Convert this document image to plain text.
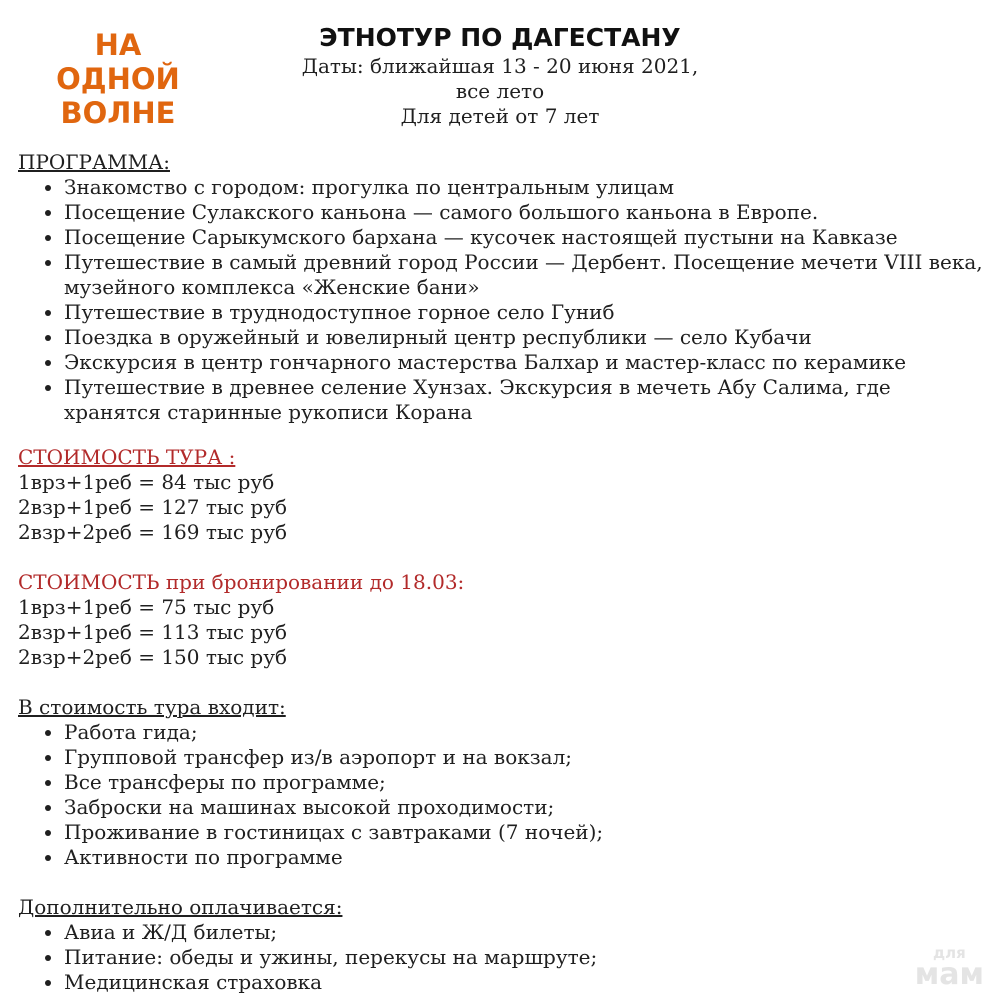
НА ОДНОЙ
ВОЛНЕ
ЭТНОТУР ПО ДАГЕСТАНУ
Даты: ближайшая 13 - 20 июня 2021,
все лето
Для детей от 7 лет
ПРОГРАММА:
• Знакомство с городом: прогулка по центральным улицам
• Посещение Сулакского каньона — самого большого каньона в Европе.
• Посещение Сарыкумского бархана — кусочек настоящей пустыни на Кавказе
• Путешествие в самый древний город России — Дербент. Посещение мечети VIII века, музейного комплекса «Женские бани»
• Путешествие в труднодоступное горное село Гуниб
• Поездка в оружейный и ювелирный центр республики — село Кубачи
• Экскурсия в центр гончарного мастерства Балхар и мастер-класс по керамике
• Путешествие в древнее селение Хунзах. Экскурсия в мечеть Абу Салима, где хранятся старинные рукописи Корана
СТОИМОСТЬ ТУРА :
1врз+1реб = 84 тыс руб
2взр+1реб = 127 тыс руб
2взр+2реб = 169 тыс руб
СТОИМОСТЬ при бронировании до 18.03:
1врз+1реб = 75 тыс руб
2взр+1реб = 113 тыс руб
2взр+2реб = 150 тыс руб
В стоимость тура входит:
• Работа гида;
• Групповой трансфер из/в аэропорт и на вокзал;
• Все трансферы по программе;
• Заброски на машинах высокой проходимости;
• Проживание в гостиницах с завтраками (7 ночей);
• Активности по программе
Дополнительно оплачивается:
• Авиа и Ж/Д билеты;
• Питание: обеды и ужины, перекусы на маршруте;
• Медицинская страховка
для
мам
